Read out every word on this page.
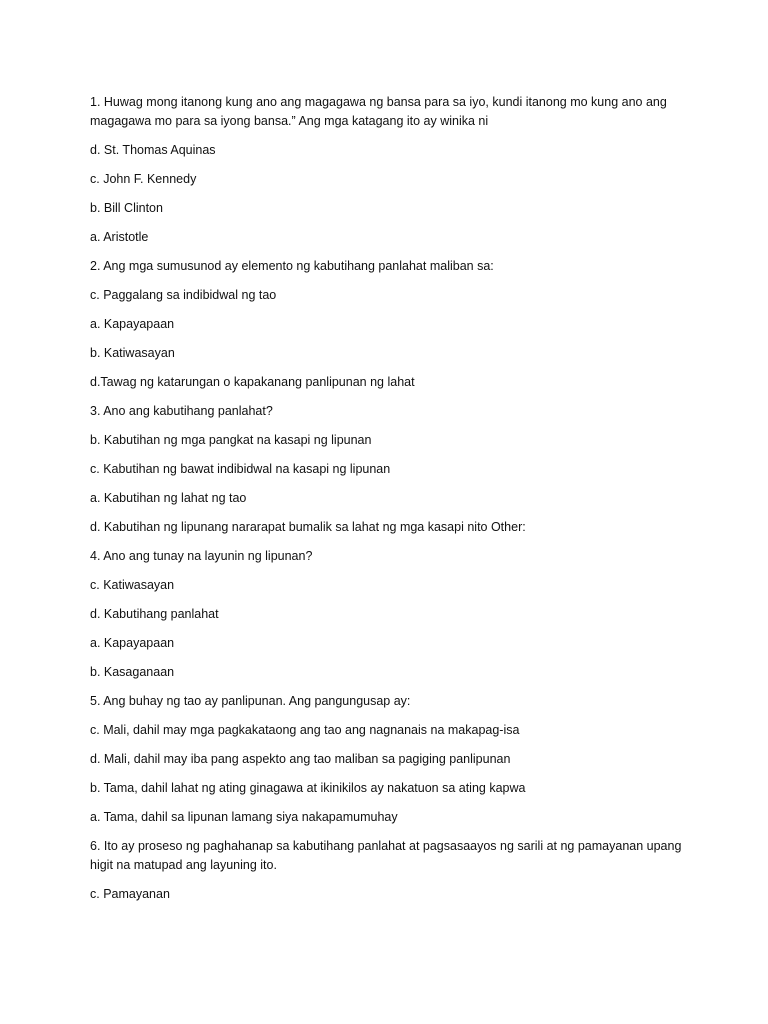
1. Huwag mong itanong kung ano ang magagawa ng bansa para sa iyo, kundi itanong mo kung ano ang magagawa mo para sa iyong bansa.” Ang mga katagang ito ay winika ni

d. St. Thomas Aquinas

c. John F. Kennedy

b. Bill Clinton

a. Aristotle

2. Ang mga sumusunod ay elemento ng kabutihang panlahat maliban sa:

c. Paggalang sa indibidwal ng tao

a. Kapayapaan

b. Katiwasayan

d.Tawag ng katarungan o kapakanang panlipunan ng lahat

3. Ano ang kabutihang panlahat?

b. Kabutihan ng mga pangkat na kasapi ng lipunan

c. Kabutihan ng bawat indibidwal na kasapi ng lipunan

a. Kabutihan ng lahat ng tao

d. Kabutihan ng lipunang nararapat bumalik sa lahat ng mga kasapi nito Other:

4. Ano ang tunay na layunin ng lipunan?

c. Katiwasayan

d. Kabutihang panlahat

a. Kapayapaan

b. Kasaganaan

5. Ang buhay ng tao ay panlipunan. Ang pangungusap ay:

c. Mali, dahil may mga pagkakataong ang tao ang nagnanais na makapag-isa

d. Mali, dahil may iba pang aspekto ang tao maliban sa pagiging panlipunan

b. Tama, dahil lahat ng ating ginagawa at ikinikilos ay nakatuon sa ating kapwa

a. Tama, dahil sa lipunan lamang siya nakapamumuhay

6. Ito ay proseso ng paghahanap sa kabutihang panlahat at pagsasaayos ng sarili at ng pamayanan upang higit na matupad ang layuning ito.

c. Pamayanan
